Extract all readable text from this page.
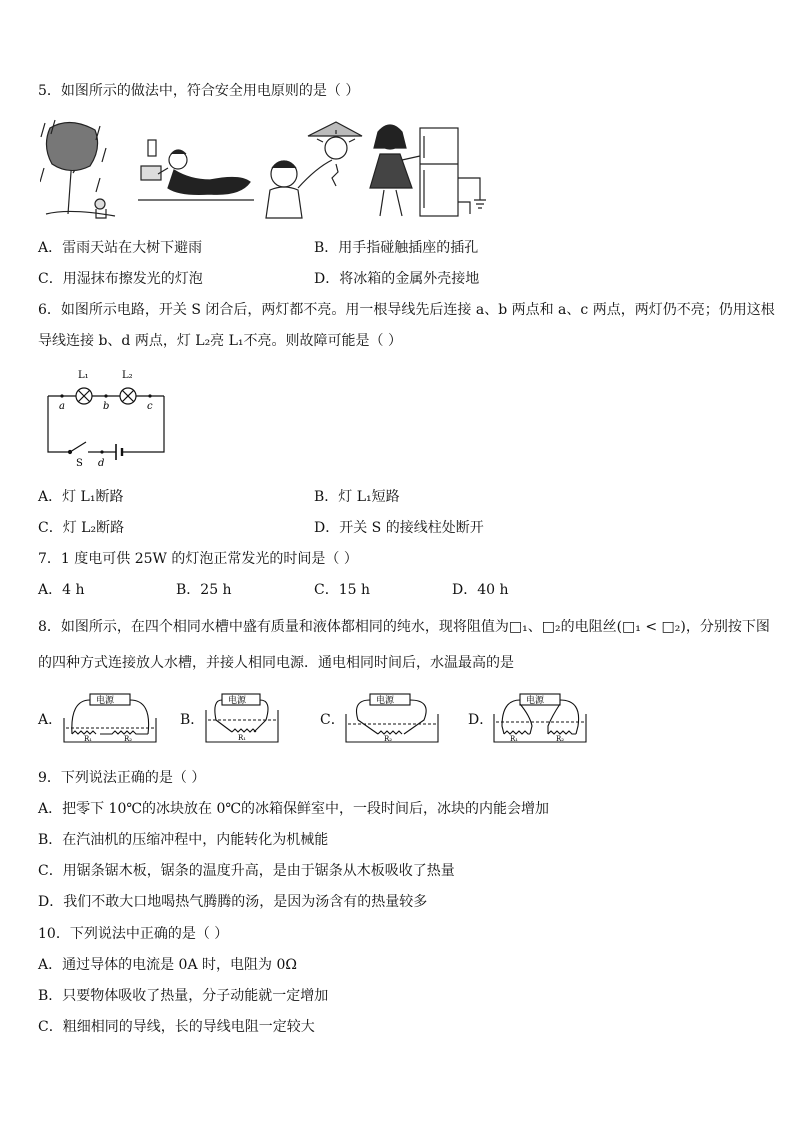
5．如图所示的做法中，符合安全用电原则的是（ ）
A．雷雨天站在大树下避雨	B．用手指碰触插座的插孔
C．用湿抹布擦发光的灯泡	D．将冰箱的金属外壳接地
6．如图所示电路，开关 S 闭合后，两灯都不亮。用一根导线先后连接 a、b 两点和 a、c 两点，两灯仍不亮；仍用这根
导线连接 b、d 两点，灯 L₂亮 L₁不亮。则故障可能是（ ）
L₁	L₂
a	b	c
S d
A．灯 L₁断路	B．灯 L₁短路
C．灯 L₂断路	D．开关 S 的接线柱处断开
7．1 度电可供 25W 的灯泡正常发光的时间是（ ）
A．4 h	B．25 h	C．15 h	D．40 h
8．如图所示，在四个相同水槽中盛有质量和液体都相同的纯水，现将阻值为□₁、□₂的电阻丝(□₁ < □₂)，分别按下图
的四种方式连接放人水槽，并接人相同电源．通电相同时间后，水温最高的是
A．
电源
R₁	R₂
B．
电源
R₁
C．
电源
R₂
D．
电源
R₁	R₂
9．下列说法正确的是（ ）
A．把零下 10℃的冰块放在 0℃的冰箱保鲜室中，一段时间后，冰块的内能会增加
B．在汽油机的压缩冲程中，内能转化为机械能
C．用锯条锯木板，锯条的温度升高，是由于锯条从木板吸收了热量
D．我们不敢大口地喝热气腾腾的汤，是因为汤含有的热量较多
10．下列说法中正确的是（ ）
A．通过导体的电流是 0A 时，电阻为 0Ω
B．只要物体吸收了热量，分子动能就一定增加
C．粗细相同的导线，长的导线电阻一定较大
